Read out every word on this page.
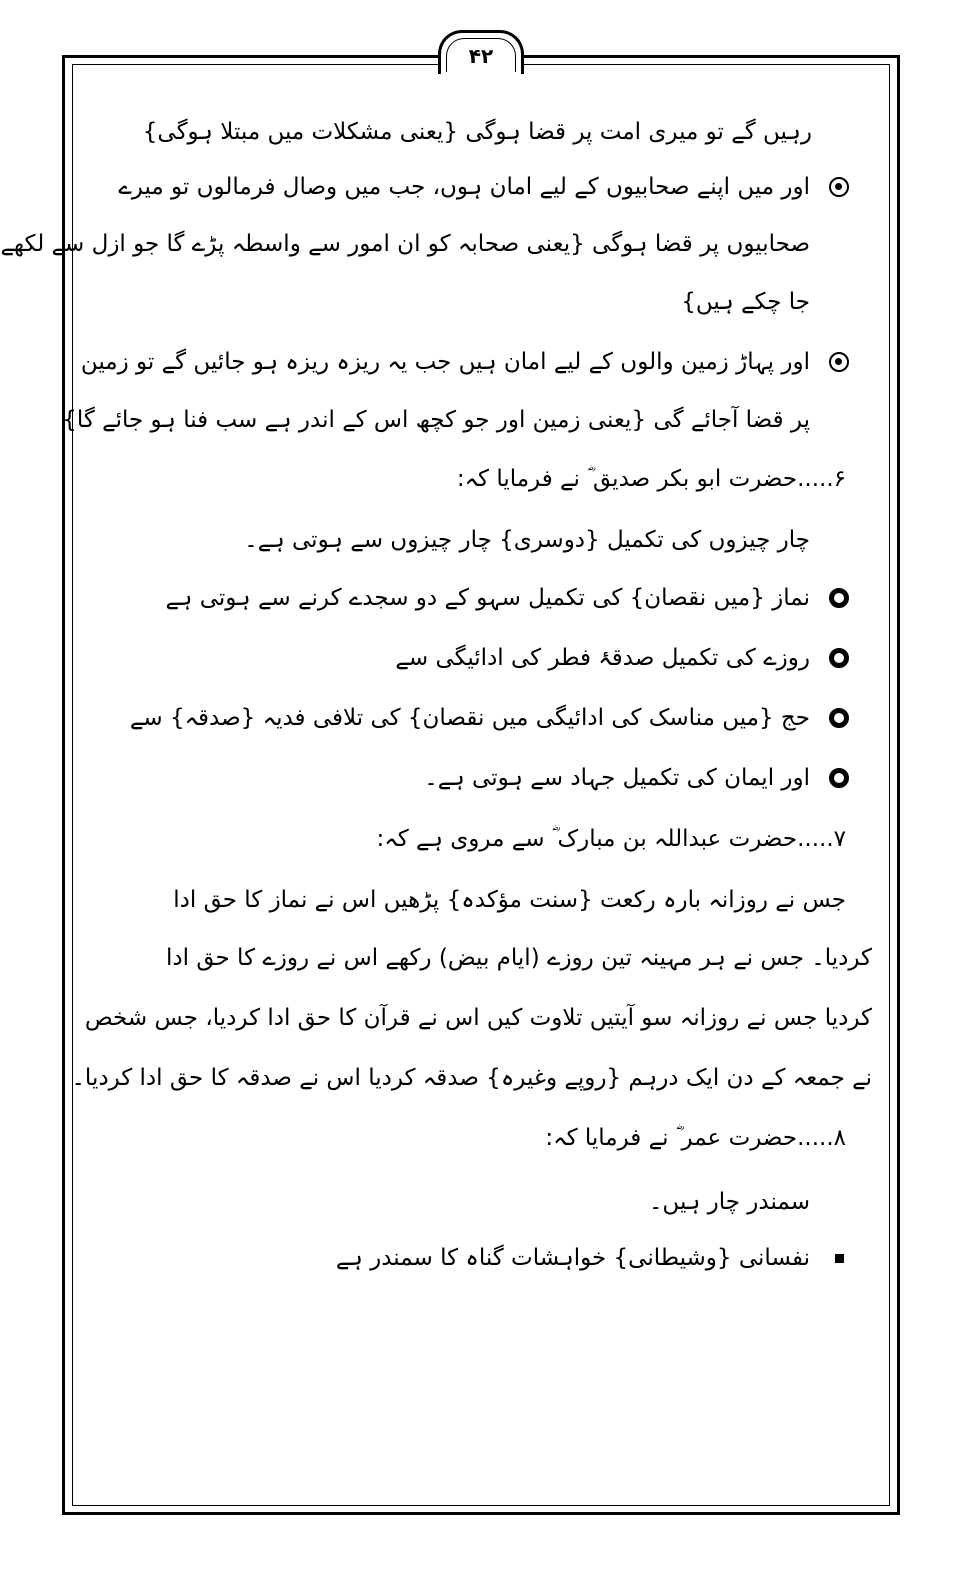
۴۲
رہیں گے تو میری امت پر قضا ہوگی {یعنی مشکلات میں مبتلا ہوگی}
اور میں اپنے صحابیوں کے لیے امان ہوں، جب میں وصال فرمالوں تو میرے
صحابیوں پر قضا ہوگی {یعنی صحابہ کو ان امور سے واسطہ پڑے گا جو ازل سے لکھے
جا چکے ہیں}
اور پہاڑ زمین والوں کے لیے امان ہیں جب یہ ریزہ ریزہ ہو جائیں گے تو زمین
پر قضا آجائے گی {یعنی زمین اور جو کچھ اس کے اندر ہے سب فنا ہو جائے گا}
۶.....حضرت ابو بکر صدیق ؓ نے فرمایا کہ:
چار چیزوں کی تکمیل {دوسری} چار چیزوں سے ہوتی ہے۔
نماز {میں نقصان} کی تکمیل سہو کے دو سجدے کرنے سے ہوتی ہے
روزے کی تکمیل صدقۂ فطر کی ادائیگی سے
حج {میں مناسک کی ادائیگی میں نقصان} کی تلافی فدیہ {صدقہ} سے
اور ایمان کی تکمیل جہاد سے ہوتی ہے۔
۷.....حضرت عبداللہ بن مبارک ؓ سے مروی ہے کہ:
جس نے روزانہ بارہ رکعت {سنت مؤکدہ} پڑھیں اس نے نماز کا حق ادا
کردیا۔ جس نے ہر مہینہ تین روزے (ایام بیض) رکھے اس نے روزے کا حق ادا
کردیا جس نے روزانہ سو آیتیں تلاوت کیں اس نے قرآن کا حق ادا کردیا، جس شخص
نے جمعہ کے دن ایک درہم {روپے وغیرہ} صدقہ کردیا اس نے صدقہ کا حق ادا کردیا۔
۸.....حضرت عمر ؓ نے فرمایا کہ:
سمندر چار ہیں۔
نفسانی {وشیطانی} خواہشات گناہ کا سمندر ہے
